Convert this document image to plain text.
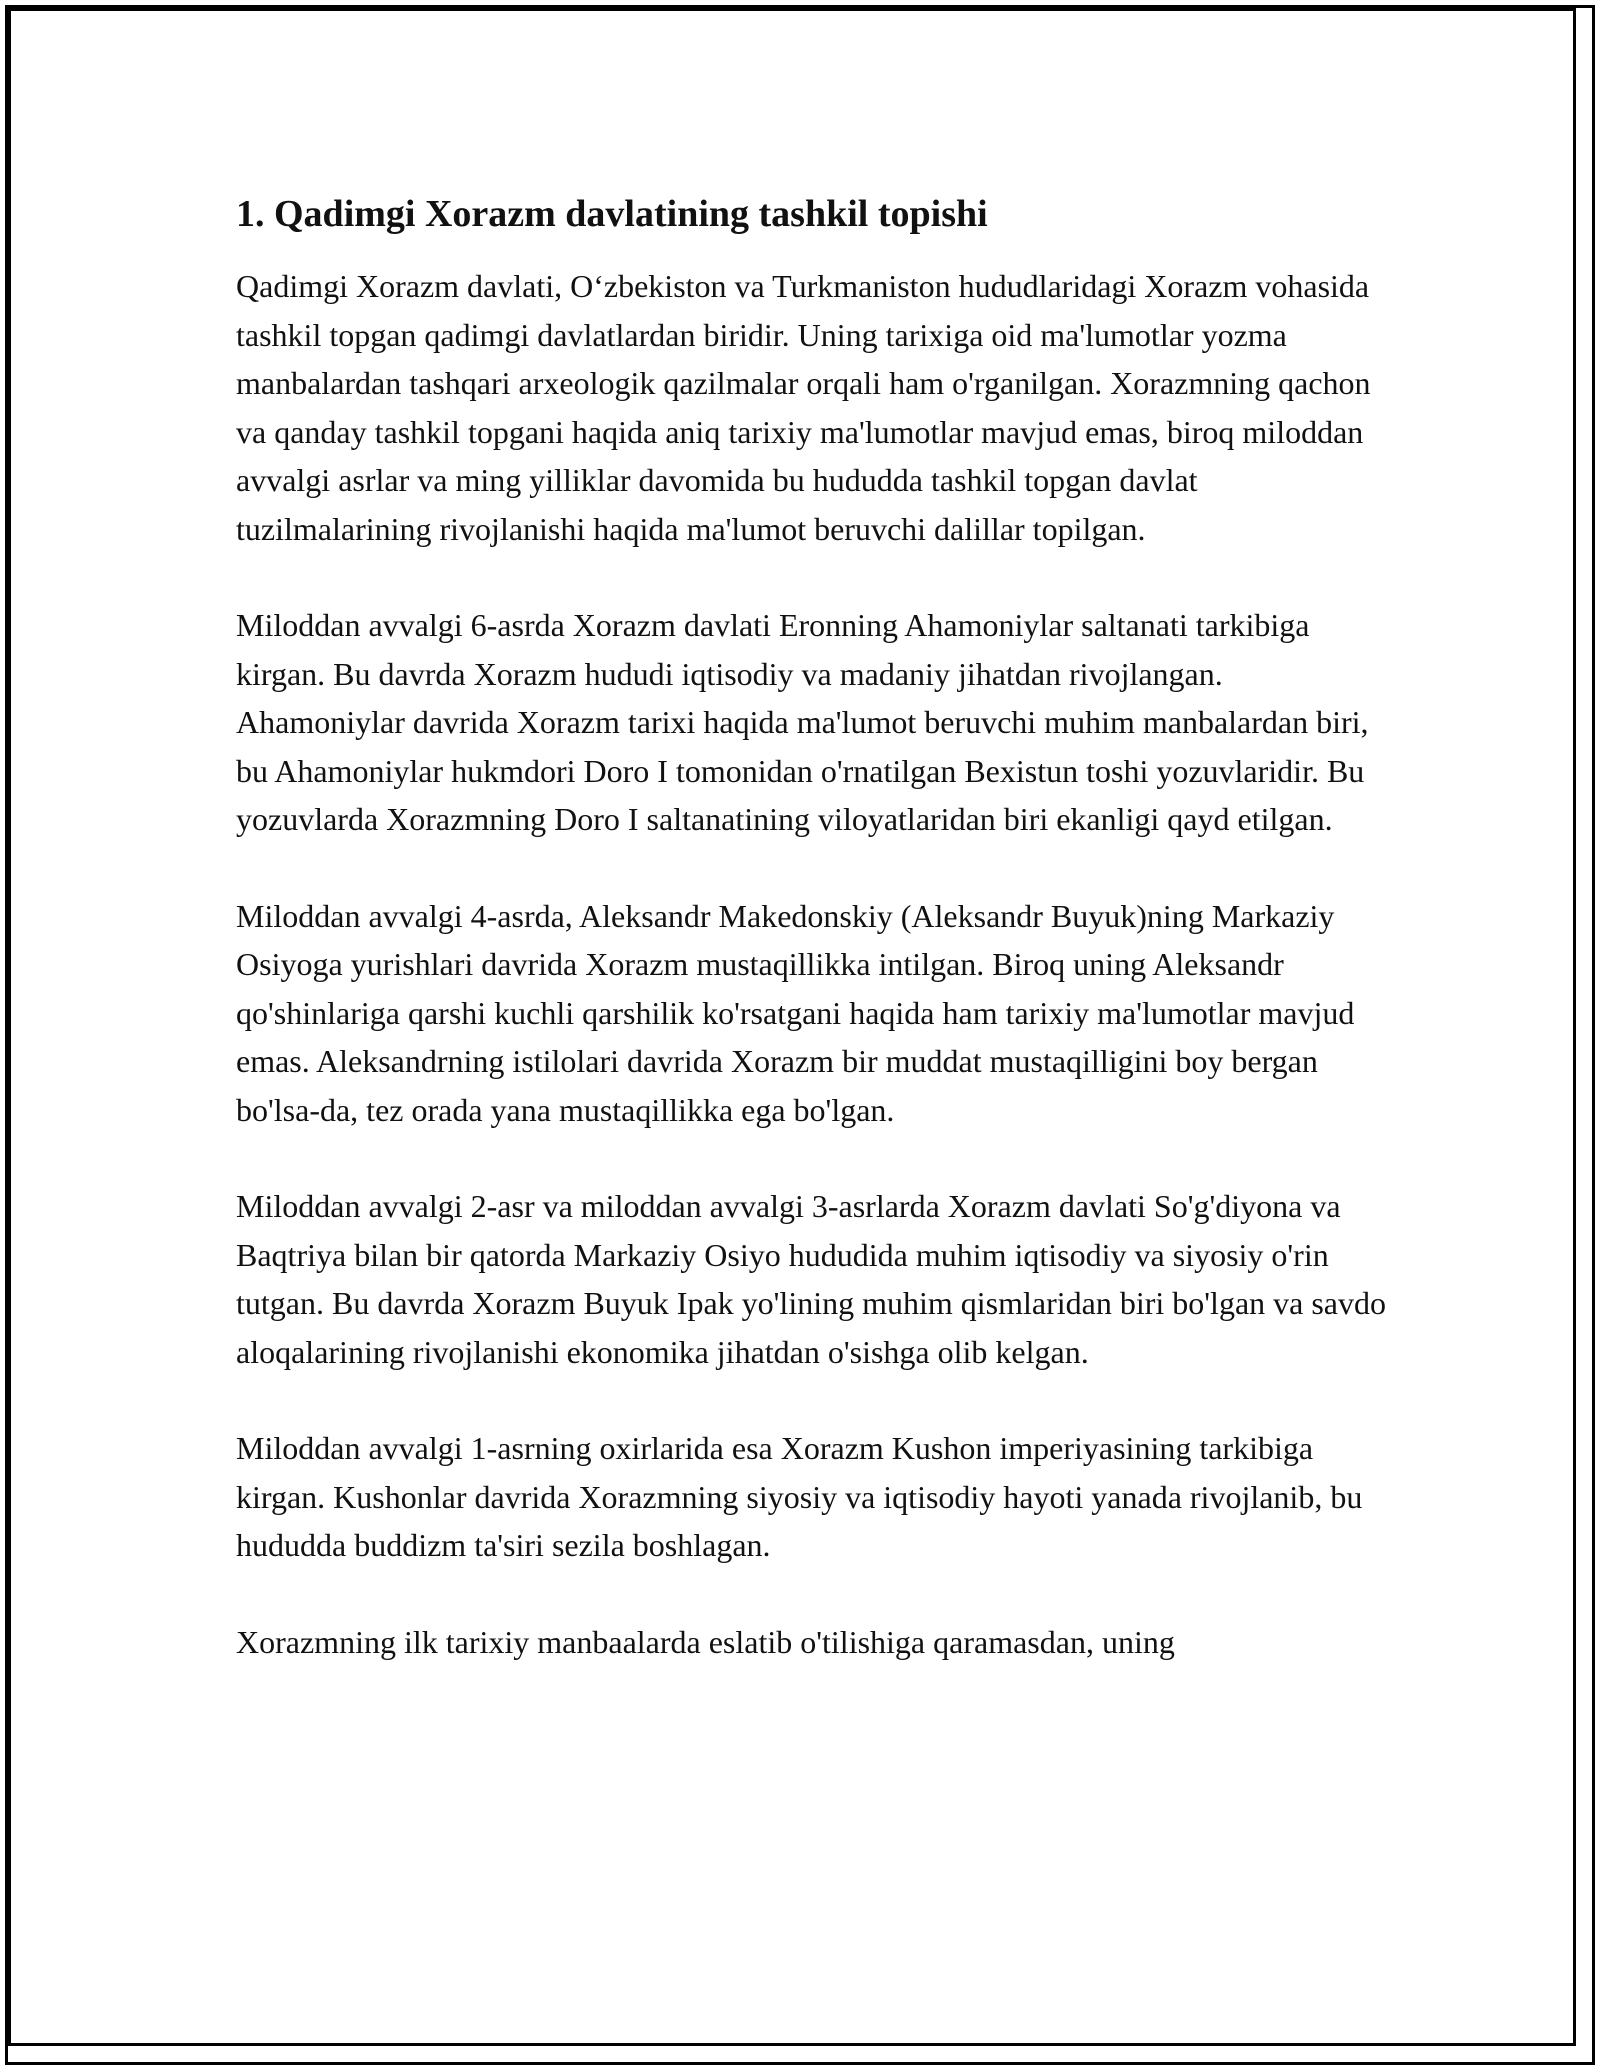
1. Qadimgi Xorazm davlatining tashkil topishi

Qadimgi Xorazm davlati, O‘zbekiston va Turkmaniston hududlaridagi Xorazm vohasida tashkil topgan qadimgi davlatlardan biridir. Uning tarixiga oid ma'lumotlar yozma manbalardan tashqari arxeologik qazilmalar orqali ham o'rganilgan. Xorazmning qachon va qanday tashkil topgani haqida aniq tarixiy ma'lumotlar mavjud emas, biroq miloddan avvalgi asrlar va ming yilliklar davomida bu hududda tashkil topgan davlat tuzilmalarining rivojlanishi haqida ma'lumot beruvchi dalillar topilgan.

Miloddan avvalgi 6-asrda Xorazm davlati Eronning Ahamoniylar saltanati tarkibiga kirgan. Bu davrda Xorazm hududi iqtisodiy va madaniy jihatdan rivojlangan. Ahamoniylar davrida Xorazm tarixi haqida ma'lumot beruvchi muhim manbalardan biri, bu Ahamoniylar hukmdori Doro I tomonidan o'rnatilgan Bexistun toshi yozuvlaridir. Bu yozuvlarda Xorazmning Doro I saltanatining viloyatlaridan biri ekanligi qayd etilgan.

Miloddan avvalgi 4-asrda, Aleksandr Makedonskiy (Aleksandr Buyuk)ning Markaziy Osiyoga yurishlari davrida Xorazm mustaqillikka intilgan. Biroq uning Aleksandr qo'shinlariga qarshi kuchli qarshilik ko'rsatgani haqida ham tarixiy ma'lumotlar mavjud emas. Aleksandrning istilolari davrida Xorazm bir muddat mustaqilligini boy bergan bo'lsa-da, tez orada yana mustaqillikka ega bo'lgan.

Miloddan avvalgi 2-asr va miloddan avvalgi 3-asrlarda Xorazm davlati So'g'diyona va Baqtriya bilan bir qatorda Markaziy Osiyo hududida muhim iqtisodiy va siyosiy o'rin tutgan. Bu davrda Xorazm Buyuk Ipak yo'lining muhim qismlaridan biri bo'lgan va savdo aloqalarining rivojlanishi ekonomika jihatdan o'sishga olib kelgan.

Miloddan avvalgi 1-asrning oxirlarida esa Xorazm Kushon imperiyasining tarkibiga kirgan. Kushonlar davrida Xorazmning siyosiy va iqtisodiy hayoti yanada rivojlanib, bu hududda buddizm ta'siri sezila boshlagan.

Xorazmning ilk tarixiy manbaalarda eslatib o'tilishiga qaramasdan, uning
